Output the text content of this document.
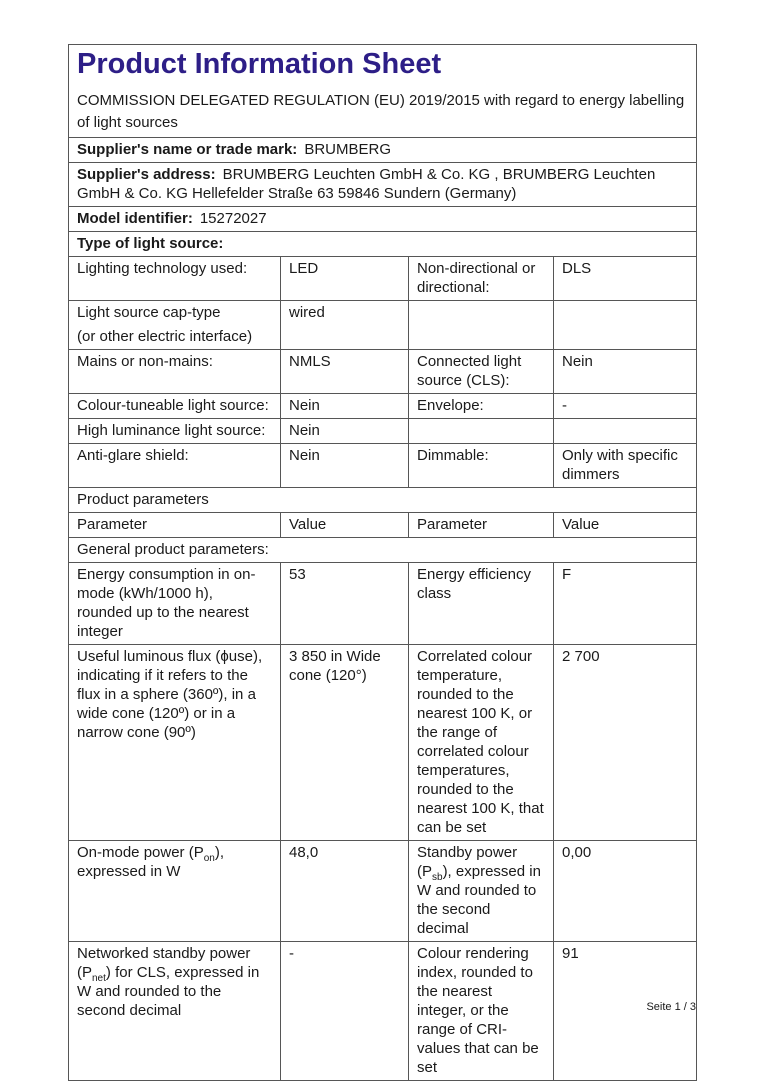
Product Information Sheet
COMMISSION DELEGATED REGULATION (EU) 2019/2015 with regard to energy labelling of light sources			

Supplier's name or trade mark: BRUMBERG			
Supplier's address: BRUMBERG Leuchten GmbH & Co. KG , BRUMBERG Leuchten GmbH & Co. KG Hellefelder Straße 63 59846 Sundern (Germany)			
Model identifier: 15272027			
Type of light source:			
Lighting technology used:	LED	Non-directional or directional:	DLS

Light source cap-type
(or other electric interface)	wired		
Mains or non-mains:	NMLS	Connected light source (CLS):	Nein
Colour-tuneable light source:	Nein	Envelope:	-
High luminance light source:	Nein		
Anti-glare shield:	Nein	Dimmable:	Only with specific dimmers
Product parameters			
Parameter	Value	Parameter	Value
General product parameters:			
Energy consumption in on-mode (kWh/1000 h), rounded up to the nearest integer	53	Energy efficiency class	F
Useful luminous flux (ϕuse), indicating if it refers to the flux in a sphere (360º), in a wide cone (120º) or in a narrow cone (90º)	3 850 in Wide cone (120°)	Correlated colour temperature, rounded to the nearest 100 K, or the range of correlated colour temperatures, rounded to the nearest 100 K, that can be set	2 700
On-mode power $(P_{on})$, expressed in W	48,0	Standby power $(P_{sb})$, expressed in W and rounded to the second decimal	0,00
Networked standby power $(P_{net})$ for CLS, expressed in W and rounded to the second decimal	-	Colour rendering index, rounded to the nearest integer, or the range of CRI-values that can be set	91
Seite 1 / 3
